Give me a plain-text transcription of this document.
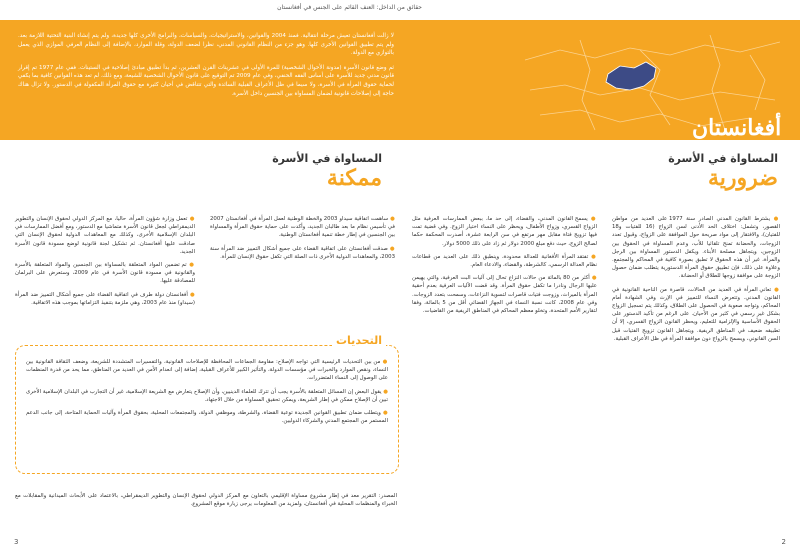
حقائق من الداخل: العنف القائم على الجنس في أفغانستان

لا زالت أفغانستان تعيش مرحلة انتقالية. فمنذ 2004 والقوانين، والاستراتيجيات، والسياسات، والبرامج الأخرى كلها جديدة، ولم يتم إنشاء البنية التحتية اللازمة بعد. ولم يتم تطبيق القوانين الأخرى كلها. وهو جزء من النظام القانوني المدني، نظرا لضعف الدولة، وقلة الموارد، بالإضافة إلى النظام العرفي الموازي الذي يعمل بالتوازي مع الدولة.

ثم وضع قانون الأسرة (مدونة الأحوال الشخصية) للمرة الأولى في عشرينات القرن العشرين، ثم بدأ تطبيق مبادئ إصلاحية في الستينات. ففي عام 1977 تم إقرار قانون مدني جديد للأسرة على أساس الفقه الحنفي، وفي عام 2009 تم التوقيع على قانون الأحوال الشخصية للشيعة، ومع ذلك، لم تعد هذه القوانين كافية بما يكفي لحماية حقوق المرأة في الأسرة، ولا سيما في ظل الأعراف القبلية السائدة والتي تتناقض في أحيان كثيرة مع حقوق المرأة المكفولة في الدستور. ولا تزال هناك حاجة إلى إصلاحات قانونية لضمان المساواة بين الجنسين داخل الأسرة.

أفغانستان
المساواة في الأسرة
ضرورية

● يشترط القانون المدني الصادر سنة 1977 على العديد من مواطن القصور، وتشمل: اختلاف الحد الأدنى لسن الزواج (16 للفتيات و18 للفتيان)، والافتقار إلى مواد صريحة حول الموافقة على الزواج، وقبول تعدد الزوجات، والحضانة تمنح تلقائيا للأب، وعدم المساواة في الحقوق بين الزوجين، ويتجاهل مصلحة الأبناء. ويكفل الدستور المساواة بين الرجل والمرأة، غير أن هذه الحقوق لا تطبق بصورة كافية في المحاكم والمجتمع. وعلاوة على ذلك، فإن تطبيق حقوق المرأة الدستورية يتطلب ضمان حصول الزوجة على موافقة زوجها للطلاق أو الحضانة.

● تعاني المرأة في العديد من الحالات، قاصرة من الناحية القانونية في القانون المدني. وتتعرض النساء للتمييز في الإرث وفي الشهادة أمام المحاكم، وتواجه صعوبة في الحصول على الطلاق، وكذلك يتم تسجيل الزواج بشكل غير رسمي في كثير من الأحيان. على الرغم من تأكيد الدستور على الحقوق الأساسية والإلزامية للتعليم، ويحظر القانون الزواج القسري، إلا أن تطبيقه ضعيف في المناطق الريفية. ويتجاهل القانون تزويج الفتيات قبل السن القانوني، ويسمح بالزواج دون موافقة المرأة في ظل الأعراف القبلية.

● يسمح القانون المدني، والقضاء، إلى حد ما، ببعض الممارسات العرفية مثل الزواج القسري، وزواج الأطفال، ويحظر على النساء اختيار الزوج. وفي قضية تمت فيها تزويج فتاة مقابل مهر مرتفع في سن الرابعة عشرة، أصدرت المحكمة حكما لصالح الزوج، حيث دفع مبلغ 2000 دولار ثم زاد على ذلك 5000 دولار.

● تفتقد المرأة الأفغانية للعدالة محدودة، وينطبق ذلك على العديد من قطاعات نظام العدالة الرسمي، كالشرطة، والقضاء، والادعاء العام.

● أكثر من 80 بالمائة من حالات النزاع تحال إلى آليات البت العرفية، والتي يهيمن عليها الرجال ونادرا ما تكفل حقوق المرأة. وقد قضت الآليات العرفية بعدم أحقية المرأة بالميراث، وزوجت فتيات قاصرات لتسوية النزاعات، وسمحت بتعدد الزوجات. وفي عام 2008، كانت نسبة النساء في الجهاز القضائي أقل من 5 بالمائة، وفقا لتقارير الأمم المتحدة، وتخلو معظم المحاكم في المناطق الريفية من القاضيات.

المساواة في الأسرة
ممكنة

● ساهمت اتفاقية سيداو 2003 والخطة الوطنية لعمل المرأة في أفغانستان 2007 في تأسيس نظام ما بعد طالبان الجديد، وأكدت على حماية حقوق المرأة والمساواة بين الجنسين في إطار خطة تنمية أفغانستان الوطنية.

● صدقت أفغانستان على اتفاقية القضاء على جميع أشكال التمييز ضد المرأة سنة 2003، والمعاهدات الدولية الأخرى ذات الصلة التي تكفل حقوق الإنسان للمرأة.

● تعمل وزارة شؤون المرأة، حاليا، مع المركز الدولي لحقوق الإنسان والتطوير الديمقراطي لجعل قانون الأسرة متماشيا مع الدستور، ومع أفضل الممارسات في البلدان الإسلامية الأخرى، وكذلك مع المعاهدات الدولية لحقوق الإنسان التي صادقت عليها أفغانستان. ثم تشكيل لجنة قانونية لوضع مسودة قانون الأسرة الجديد.

● تم تضمين المواد المتعلقة بالمساواة بين الجنسين والمواد المتعلقة بالأسرة والقانونية في مسودة قانون الأسرة في عام 2009، وستعرض على البرلمان للمصادقة عليها.

● أفغانستان دولة طرف في اتفاقية القضاء على جميع أشكال التمييز ضد المرأة (سيداو) منذ عام 2003، وهي ملزمة بتنفيذ التزاماتها بموجب هذه الاتفاقية.

التحديات

● من بين التحديات الرئيسية التي تواجه الإصلاح: مقاومة الجماعات المحافظة للإصلاحات القانونية، والتفسيرات المتشددة للشريعة، وضعف الثقافة القانونية بين النساء، ونقص الموارد والخبرات في مؤسسات الدولة، والتأثير الكبير للأعراف القبلية، إضافة إلى انعدام الأمن في العديد من المناطق، مما يحد من قدرة المنظمات على الوصول إلى النساء المتضررات.

● يقول البعض إن المسائل المتعلقة بالأسرة يجب أن تترك للعلماء الدينيين، وأن الإصلاح يتعارض مع الشريعة الإسلامية، غير أن التجارب في البلدان الإسلامية الأخرى تبين أن الإصلاح ممكن في إطار الشريعة، ويمكن تحقيق المساواة من خلال الاجتهاد.

● ويتطلب ضمان تطبيق القوانين الجديدة توعية القضاة، والشرطة، وموظفي الدولة، والمجتمعات المحلية، بحقوق المرأة وآليات الحماية المتاحة، إلى جانب الدعم المستمر من المجتمع المدني والشركاء الدوليين.

المصدر: التقرير معد في إطار مشروع مساواة الإقليمي بالتعاون مع المركز الدولي لحقوق الإنسان والتطوير الديمقراطي، بالاعتماد على الأبحاث الميدانية والمقابلات مع الخبراء والمنظمات المحلية في أفغانستان، ولمزيد من المعلومات يرجى زيارة موقع المشروع.
3	2
